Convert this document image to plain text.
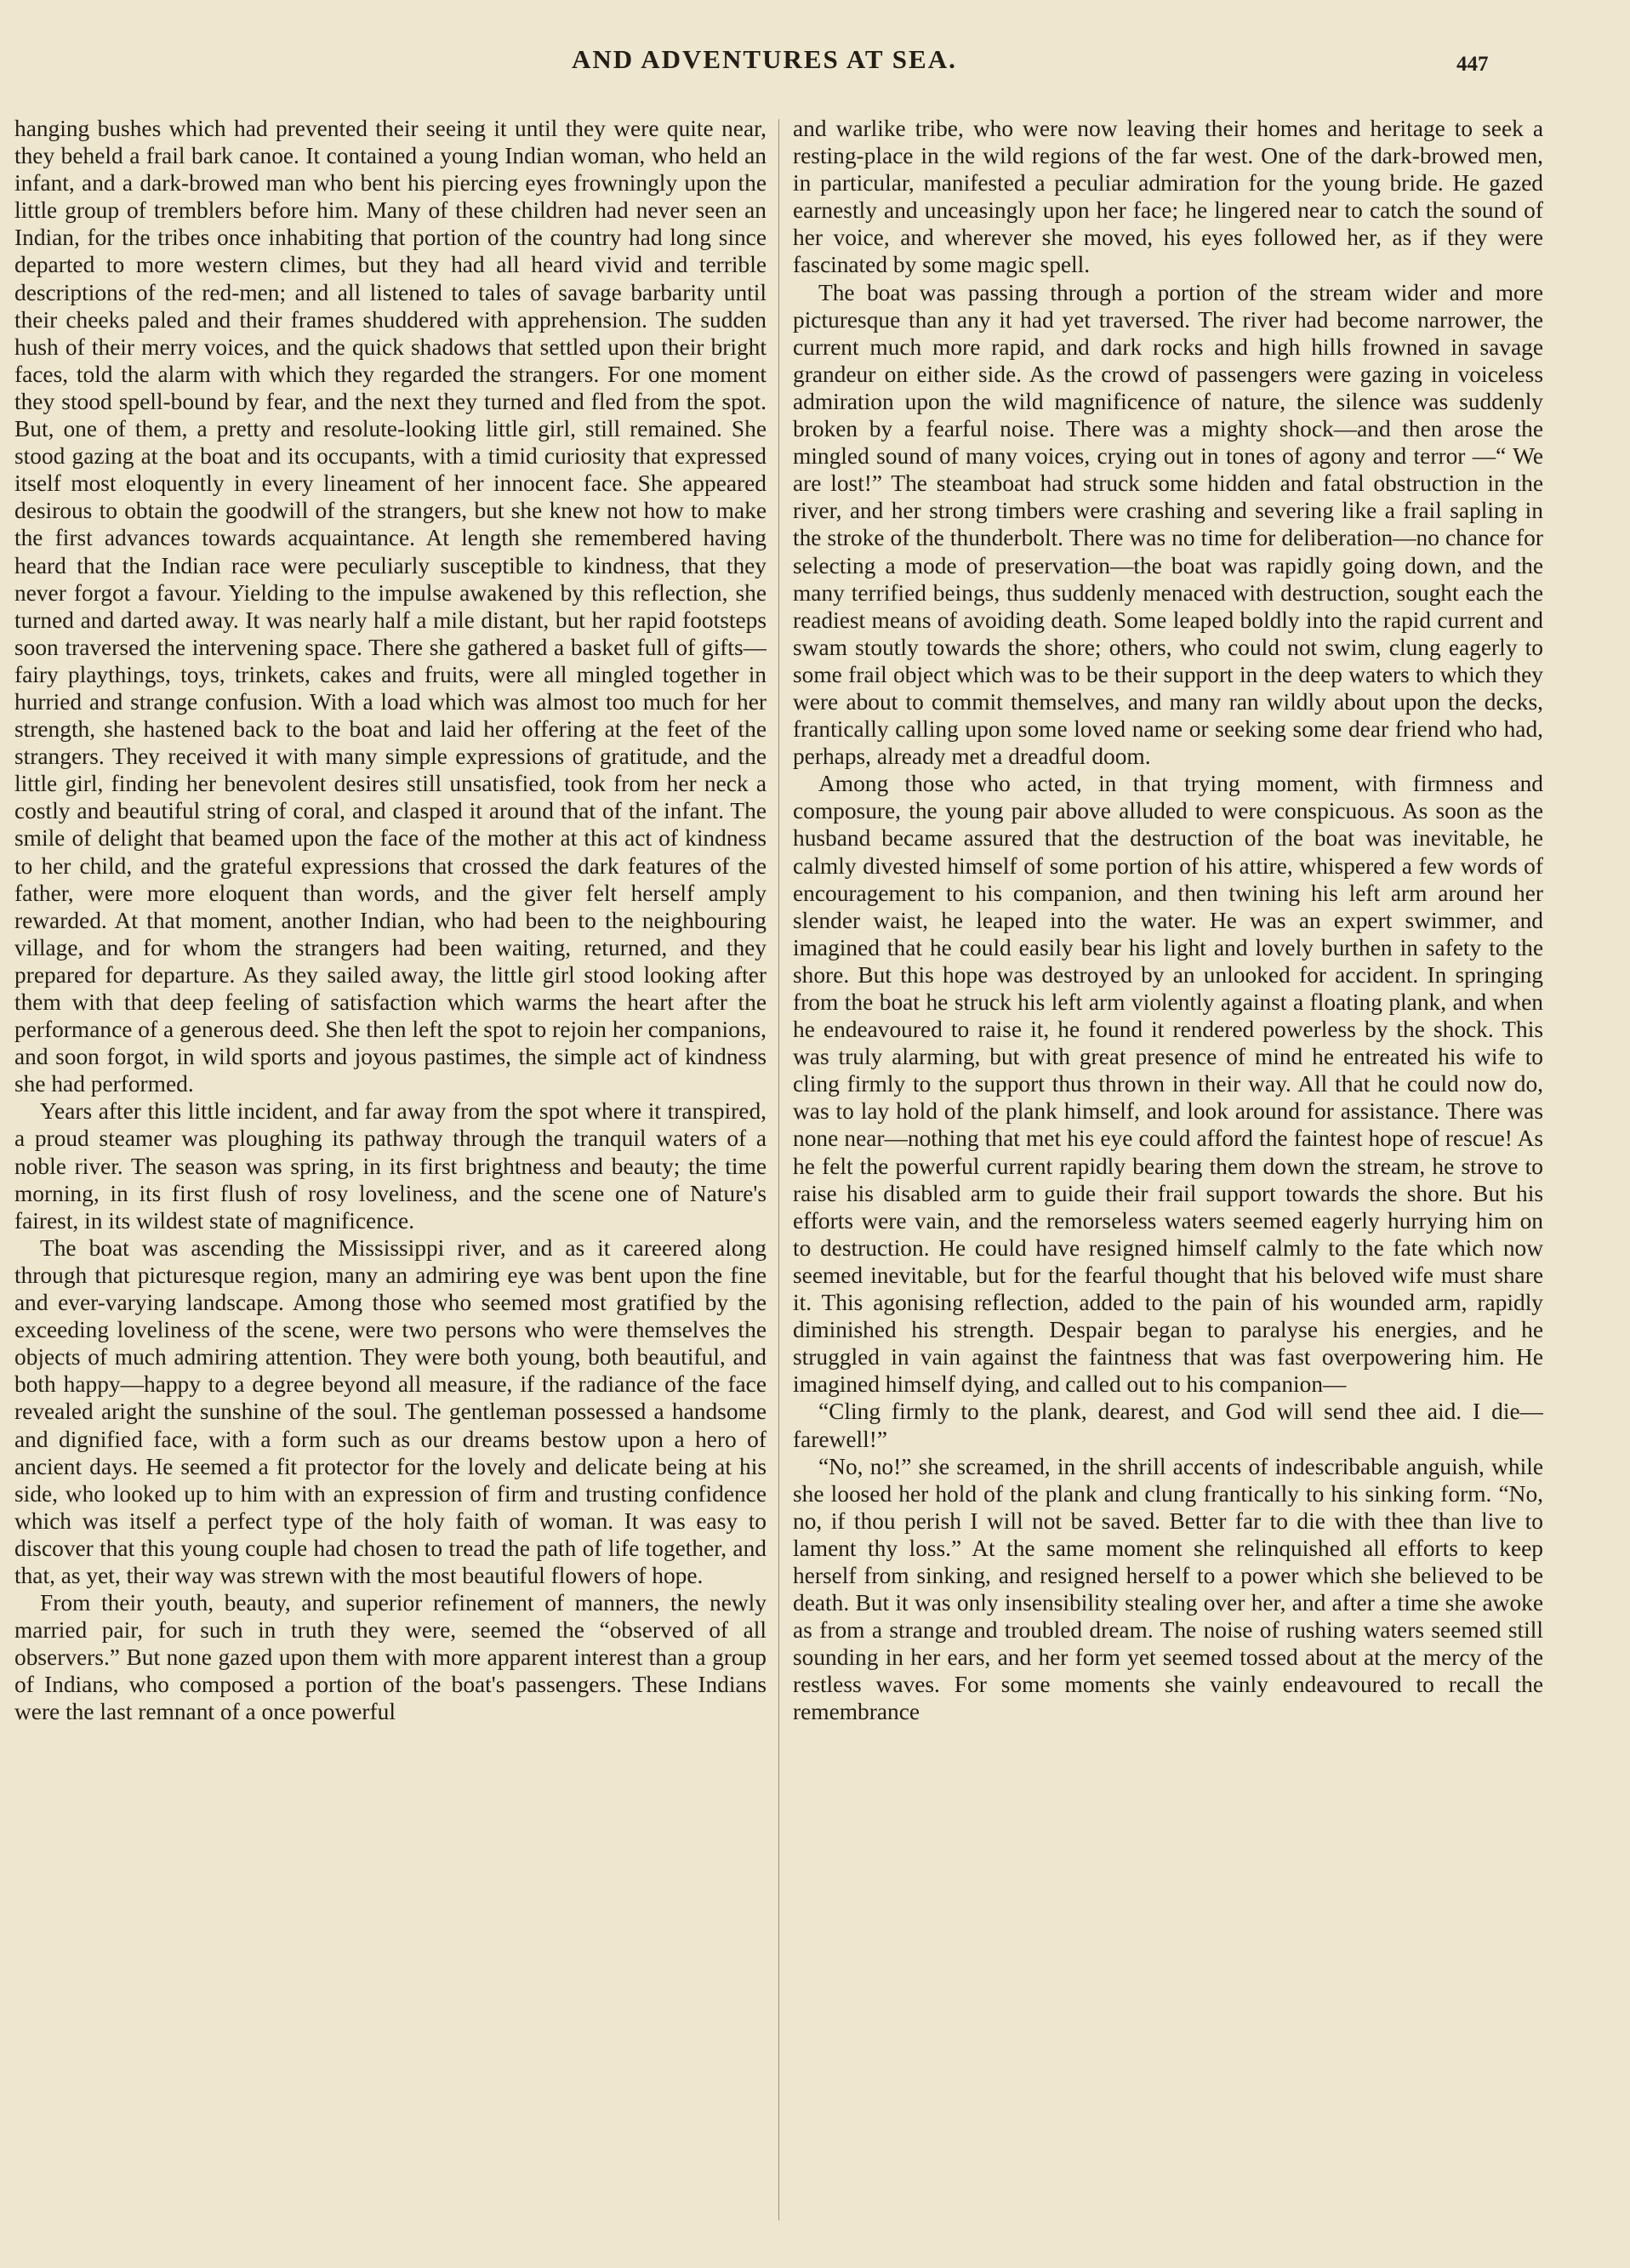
AND ADVENTURES AT SEA.	447

hanging bushes which had prevented their seeing it until they were quite near, they beheld a frail bark canoe. It contained a young Indian woman, who held an infant, and a dark-browed man who bent his piercing eyes frowningly upon the little group of tremblers before him. Many of these children had never seen an Indian, for the tribes once inhabiting that portion of the country had long since departed to more western climes, but they had all heard vivid and terrible descriptions of the red-men; and all listened to tales of savage barbarity until their cheeks paled and their frames shuddered with apprehension. The sudden hush of their merry voices, and the quick shadows that settled upon their bright faces, told the alarm with which they regarded the strangers. For one moment they stood spell-bound by fear, and the next they turned and fled from the spot. But, one of them, a pretty and resolute-looking little girl, still remained. She stood gazing at the boat and its occupants, with a timid curiosity that expressed itself most eloquently in every lineament of her innocent face. She appeared desirous to obtain the goodwill of the strangers, but she knew not how to make the first advances towards acquaintance. At length she remembered having heard that the Indian race were peculiarly susceptible to kindness, that they never forgot a favour. Yielding to the impulse awakened by this reflection, she turned and darted away. It was nearly half a mile distant, but her rapid footsteps soon traversed the intervening space. There she gathered a basket full of gifts—fairy playthings, toys, trinkets, cakes and fruits, were all mingled together in hurried and strange confusion. With a load which was almost too much for her strength, she hastened back to the boat and laid her offering at the feet of the strangers. They received it with many simple expressions of gratitude, and the little girl, finding her benevolent desires still unsatisfied, took from her neck a costly and beautiful string of coral, and clasped it around that of the infant. The smile of delight that beamed upon the face of the mother at this act of kindness to her child, and the grateful expressions that crossed the dark features of the father, were more eloquent than words, and the giver felt herself amply rewarded. At that moment, another Indian, who had been to the neighbouring village, and for whom the strangers had been waiting, returned, and they prepared for departure. As they sailed away, the little girl stood looking after them with that deep feeling of satisfaction which warms the heart after the performance of a generous deed. She then left the spot to rejoin her companions, and soon forgot, in wild sports and joyous pastimes, the simple act of kindness she had performed.

Years after this little incident, and far away from the spot where it transpired, a proud steamer was ploughing its pathway through the tranquil waters of a noble river. The season was spring, in its first brightness and beauty; the time morning, in its first flush of rosy loveliness, and the scene one of Nature's fairest, in its wildest state of magnificence.

The boat was ascending the Mississippi river, and as it careered along through that picturesque region, many an admiring eye was bent upon the fine and ever-varying landscape. Among those who seemed most gratified by the exceeding loveliness of the scene, were two persons who were themselves the objects of much admiring attention. They were both young, both beautiful, and both happy—happy to a degree beyond all measure, if the radiance of the face revealed aright the sunshine of the soul. The gentleman possessed a handsome and dignified face, with a form such as our dreams bestow upon a hero of ancient days. He seemed a fit protector for the lovely and delicate being at his side, who looked up to him with an expression of firm and trusting confidence which was itself a perfect type of the holy faith of woman. It was easy to discover that this young couple had chosen to tread the path of life together, and that, as yet, their way was strewn with the most beautiful flowers of hope.

From their youth, beauty, and superior refinement of manners, the newly married pair, for such in truth they were, seemed the “observed of all observers.” But none gazed upon them with more apparent interest than a group of Indians, who composed a portion of the boat's passengers. These Indians were the last remnant of a once powerful

and warlike tribe, who were now leaving their homes and heritage to seek a resting-place in the wild regions of the far west. One of the dark-browed men, in particular, manifested a peculiar admiration for the young bride. He gazed earnestly and unceasingly upon her face; he lingered near to catch the sound of her voice, and wherever she moved, his eyes followed her, as if they were fascinated by some magic spell.

The boat was passing through a portion of the stream wider and more picturesque than any it had yet traversed. The river had become narrower, the current much more rapid, and dark rocks and high hills frowned in savage grandeur on either side. As the crowd of passengers were gazing in voiceless admiration upon the wild magnificence of nature, the silence was suddenly broken by a fearful noise. There was a mighty shock—and then arose the mingled sound of many voices, crying out in tones of agony and terror —“ We are lost!” The steamboat had struck some hidden and fatal obstruction in the river, and her strong timbers were crashing and severing like a frail sapling in the stroke of the thunderbolt. There was no time for deliberation—no chance for selecting a mode of preservation—the boat was rapidly going down, and the many terrified beings, thus suddenly menaced with destruction, sought each the readiest means of avoiding death. Some leaped boldly into the rapid current and swam stoutly towards the shore; others, who could not swim, clung eagerly to some frail object which was to be their support in the deep waters to which they were about to commit themselves, and many ran wildly about upon the decks, frantically calling upon some loved name or seeking some dear friend who had, perhaps, already met a dreadful doom.

Among those who acted, in that trying moment, with firmness and composure, the young pair above alluded to were conspicuous. As soon as the husband became assured that the destruction of the boat was inevitable, he calmly divested himself of some portion of his attire, whispered a few words of encouragement to his companion, and then twining his left arm around her slender waist, he leaped into the water. He was an expert swimmer, and imagined that he could easily bear his light and lovely burthen in safety to the shore. But this hope was destroyed by an unlooked for accident. In springing from the boat he struck his left arm violently against a floating plank, and when he endeavoured to raise it, he found it rendered powerless by the shock. This was truly alarming, but with great presence of mind he entreated his wife to cling firmly to the support thus thrown in their way. All that he could now do, was to lay hold of the plank himself, and look around for assistance. There was none near—nothing that met his eye could afford the faintest hope of rescue! As he felt the powerful current rapidly bearing them down the stream, he strove to raise his disabled arm to guide their frail support towards the shore. But his efforts were vain, and the remorseless waters seemed eagerly hurrying him on to destruction. He could have resigned himself calmly to the fate which now seemed inevitable, but for the fearful thought that his beloved wife must share it. This agonising reflection, added to the pain of his wounded arm, rapidly diminished his strength. Despair began to paralyse his energies, and he struggled in vain against the faintness that was fast overpowering him. He imagined himself dying, and called out to his companion—

“Cling firmly to the plank, dearest, and God will send thee aid. I die—farewell!”

“No, no!” she screamed, in the shrill accents of indescribable anguish, while she loosed her hold of the plank and clung frantically to his sinking form. “No, no, if thou perish I will not be saved. Better far to die with thee than live to lament thy loss.” At the same moment she relinquished all efforts to keep herself from sinking, and resigned herself to a power which she believed to be death. But it was only insensibility stealing over her, and after a time she awoke as from a strange and troubled dream. The noise of rushing waters seemed still sounding in her ears, and her form yet seemed tossed about at the mercy of the restless waves. For some moments she vainly endeavoured to recall the remembrance
